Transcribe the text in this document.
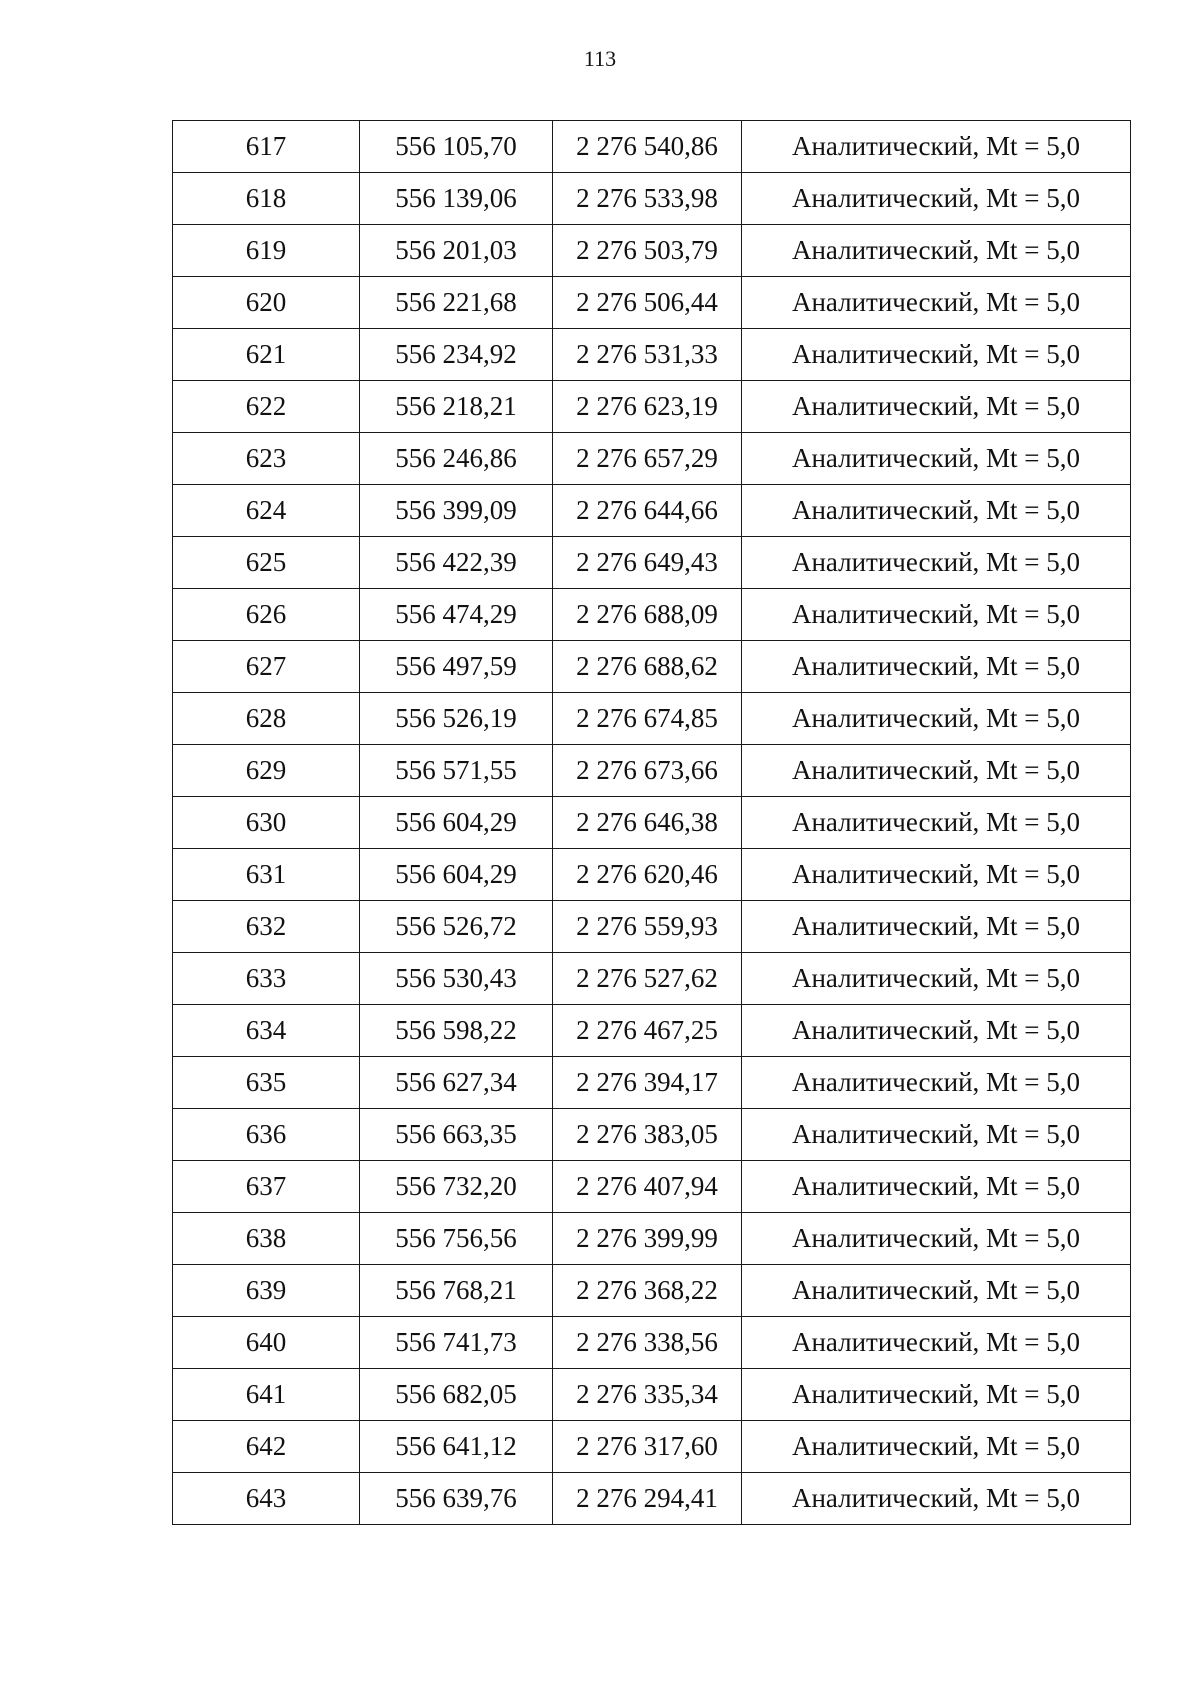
113
617	556 105,70	2 276 540,86	Аналитический, Mt = 5,0
618	556 139,06	2 276 533,98	Аналитический, Mt = 5,0
619	556 201,03	2 276 503,79	Аналитический, Mt = 5,0
620	556 221,68	2 276 506,44	Аналитический, Mt = 5,0
621	556 234,92	2 276 531,33	Аналитический, Mt = 5,0
622	556 218,21	2 276 623,19	Аналитический, Mt = 5,0
623	556 246,86	2 276 657,29	Аналитический, Mt = 5,0
624	556 399,09	2 276 644,66	Аналитический, Mt = 5,0
625	556 422,39	2 276 649,43	Аналитический, Mt = 5,0
626	556 474,29	2 276 688,09	Аналитический, Mt = 5,0
627	556 497,59	2 276 688,62	Аналитический, Mt = 5,0
628	556 526,19	2 276 674,85	Аналитический, Mt = 5,0
629	556 571,55	2 276 673,66	Аналитический, Mt = 5,0
630	556 604,29	2 276 646,38	Аналитический, Mt = 5,0
631	556 604,29	2 276 620,46	Аналитический, Mt = 5,0
632	556 526,72	2 276 559,93	Аналитический, Mt = 5,0
633	556 530,43	2 276 527,62	Аналитический, Mt = 5,0
634	556 598,22	2 276 467,25	Аналитический, Mt = 5,0
635	556 627,34	2 276 394,17	Аналитический, Mt = 5,0
636	556 663,35	2 276 383,05	Аналитический, Mt = 5,0
637	556 732,20	2 276 407,94	Аналитический, Mt = 5,0
638	556 756,56	2 276 399,99	Аналитический, Mt = 5,0
639	556 768,21	2 276 368,22	Аналитический, Mt = 5,0
640	556 741,73	2 276 338,56	Аналитический, Mt = 5,0
641	556 682,05	2 276 335,34	Аналитический, Mt = 5,0
642	556 641,12	2 276 317,60	Аналитический, Mt = 5,0
643	556 639,76	2 276 294,41	Аналитический, Mt = 5,0
